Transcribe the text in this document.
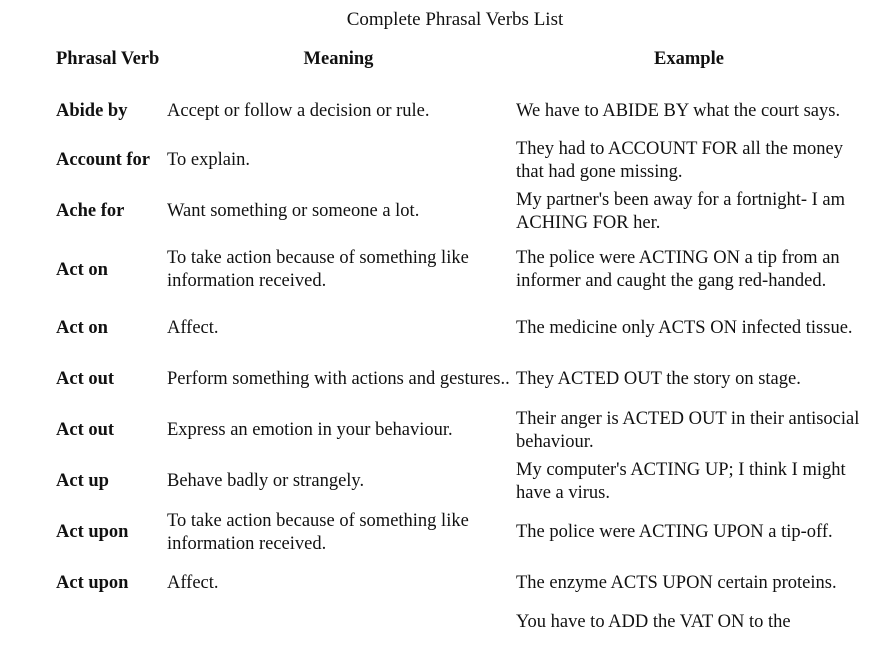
Complete Phrasal Verbs List
Phrasal Verb	Meaning	Example
Abide by	Accept or follow a decision or rule.	We have to ABIDE BY what the court says.
Account for	To explain.	They had to ACCOUNT FOR all the money that had gone missing.
Ache for	Want something or someone a lot.	My partner's been away for a fortnight- I am ACHING FOR her.
Act on	To take action because of something like information received.	The police were ACTING ON a tip from an informer and caught the gang red-handed.
Act on	Affect.	The medicine only ACTS ON infected tissue.
Act out	Perform something with actions and gestures..	They ACTED OUT the story on stage.
Act out	Express an emotion in your behaviour.	Their anger is ACTED OUT in their antisocial behaviour.
Act up	Behave badly or strangely.	My computer's ACTING UP; I think I might have a virus.
Act upon	To take action because of something like information received.	The police were ACTING UPON a tip-off.
Act upon	Affect.	The enzyme ACTS UPON certain proteins.
		You have to ADD the VAT ON to the
